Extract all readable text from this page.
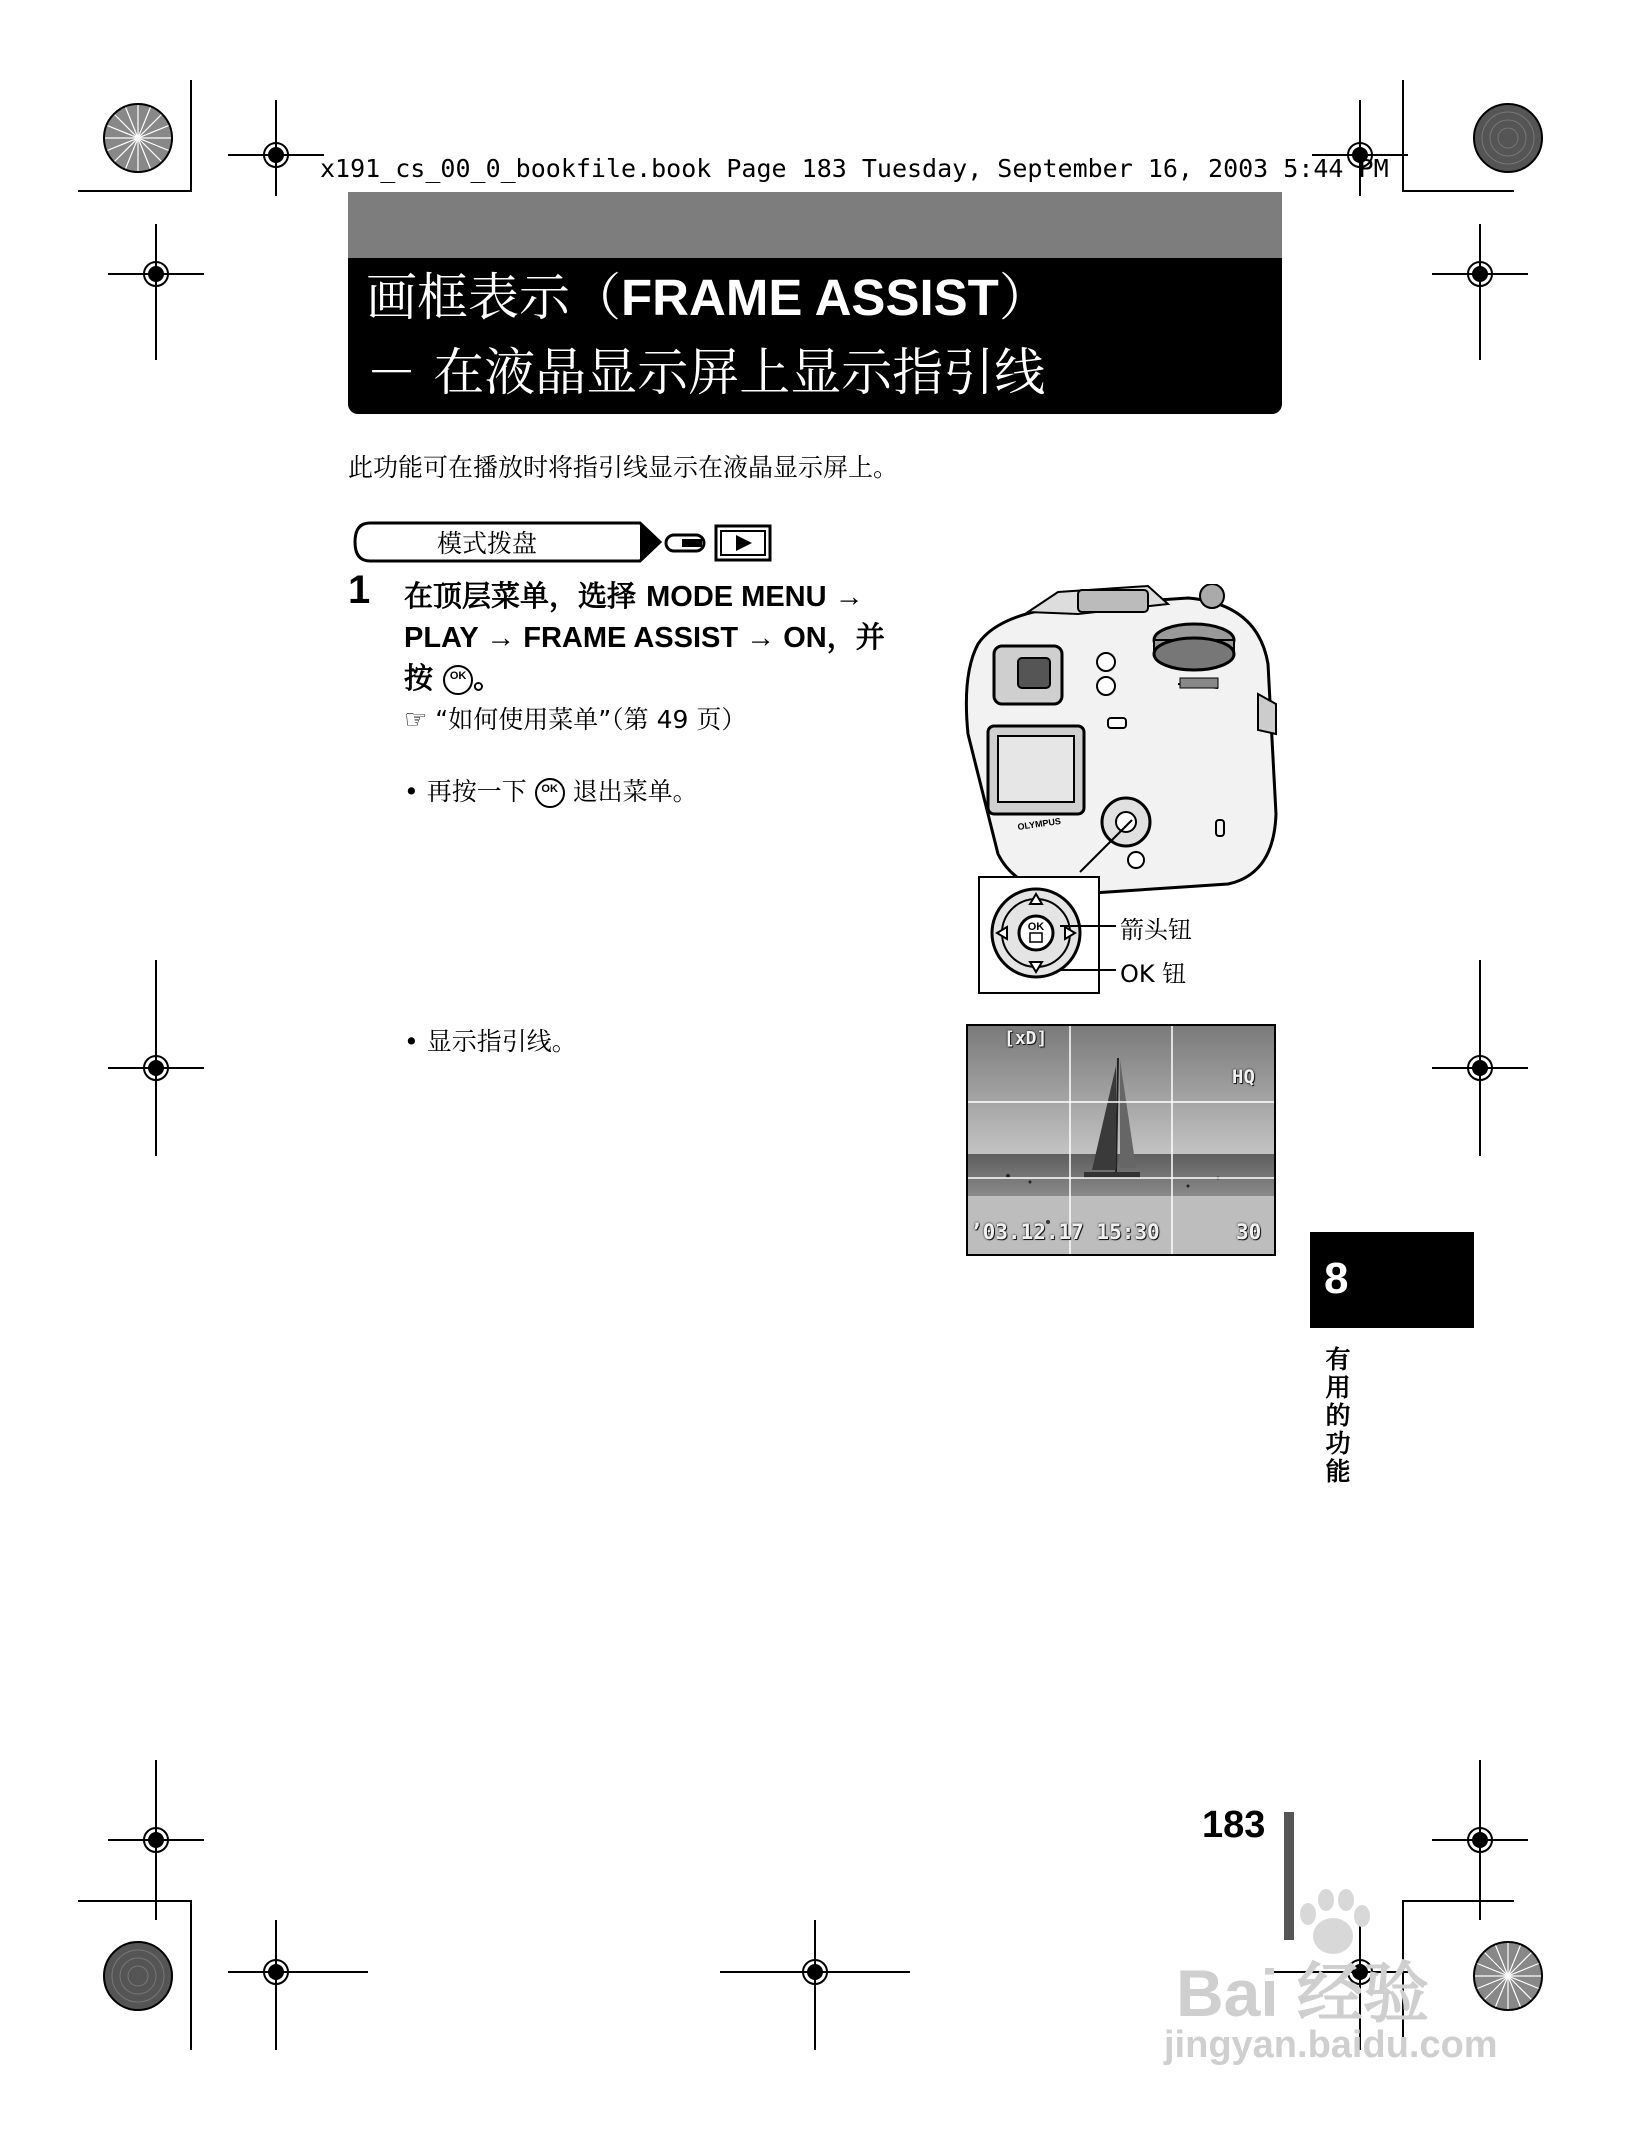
x191_cs_00_0_bookfile.book Page 183 Tuesday, September 16, 2003 5:44 PM
画框表示（FRAME ASSIST）
－ 在液晶显示屏上显示指引线
此功能可在播放时将指引线显示在液晶显示屏上。
模式拨盘
1 在顶层菜单，选择 MODE MENU →
PLAY → FRAME ASSIST → ON，并
按 OK 。
☞ “如何使用菜单”（第 49 页）
• 再按一下 OK 退出菜单。
OLYMPUS
OK	箭头钮
OK 钮
• 显示指引线。	[xD]
HQ
’03.12.17 15:30	30
8
有用的功能
183
Bai 经验
jingyan.baidu.com
